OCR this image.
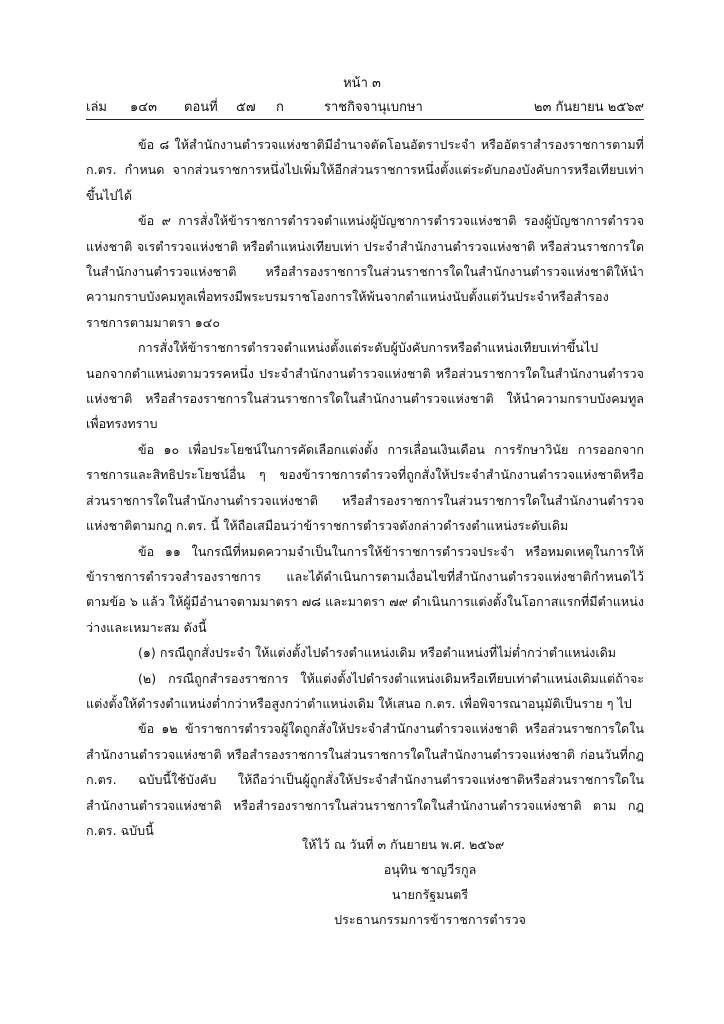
หน้า ๓
เล่ม ๑๔๓ ตอนที่ ๕๗ ก	ราชกิจจานุเบกษา	๒๓ กันยายน ๒๕๖๙

ข้อ ๘ ให้สำนักงานตำรวจแห่งชาติมีอำนาจตัดโอนอัตราประจำ หรืออัตราสำรองราชการตามที่ ก.ตร. กำหนด จากส่วนราชการหนึ่งไปเพิ่มให้อีกส่วนราชการหนึ่งตั้งแต่ระดับกองบังคับการหรือเทียบเท่าขึ้นไปได้

ข้อ ๙ การสั่งให้ข้าราชการตำรวจตำแหน่งผู้บัญชาการตำรวจแห่งชาติ รองผู้บัญชาการตำรวจแห่งชาติ จเรตำรวจแห่งชาติ หรือตำแหน่งเทียบเท่า ประจำสำนักงานตำรวจแห่งชาติ หรือส่วนราชการใดในสำนักงานตำรวจแห่งชาติ หรือสำรองราชการในส่วนราชการใดในสำนักงานตำรวจแห่งชาติให้นำความกราบบังคมทูลเพื่อทรงมีพระบรมราชโองการให้พ้นจากตำแหน่งนับตั้งแต่วันประจำหรือสำรองราชการตามมาตรา ๑๔๐

การสั่งให้ข้าราชการตำรวจตำแหน่งตั้งแต่ระดับผู้บังคับการหรือตำแหน่งเทียบเท่าขึ้นไปนอกจากตำแหน่งตามวรรคหนึ่ง ประจำสำนักงานตำรวจแห่งชาติ หรือส่วนราชการใดในสำนักงานตำรวจแห่งชาติ หรือสำรองราชการในส่วนราชการใดในสำนักงานตำรวจแห่งชาติ ให้นำความกราบบังคมทูลเพื่อทรงทราบ

ข้อ ๑๐ เพื่อประโยชน์ในการคัดเลือกแต่งตั้ง การเลื่อนเงินเดือน การรักษาวินัย การออกจากราชการและสิทธิประโยชน์อื่น ๆ ของข้าราชการตำรวจที่ถูกสั่งให้ประจำสำนักงานตำรวจแห่งชาติหรือส่วนราชการใดในสำนักงานตำรวจแห่งชาติ หรือสำรองราชการในส่วนราชการใดในสำนักงานตำรวจแห่งชาติตามกฎ ก.ตร. นี้ ให้ถือเสมือนว่าข้าราชการตำรวจดังกล่าวดำรงตำแหน่งระดับเดิม

ข้อ ๑๑ ในกรณีที่หมดความจำเป็นในการให้ข้าราชการตำรวจประจำ หรือหมดเหตุในการให้ข้าราชการตำรวจสำรองราชการ และได้ดำเนินการตามเงื่อนไขที่สำนักงานตำรวจแห่งชาติกำหนดไว้ตามข้อ ๖ แล้ว ให้ผู้มีอำนาจตามมาตรา ๗๘ และมาตรา ๗๙ ดำเนินการแต่งตั้งในโอกาสแรกที่มีตำแหน่งว่างและเหมาะสม ดังนี้

(๑) กรณีถูกสั่งประจำ ให้แต่งตั้งไปดำรงตำแหน่งเดิม หรือตำแหน่งที่ไม่ต่ำกว่าตำแหน่งเดิม

(๒) กรณีถูกสำรองราชการ ให้แต่งตั้งไปดำรงตำแหน่งเดิมหรือเทียบเท่าตำแหน่งเดิมแต่ถ้าจะแต่งตั้งให้ดำรงตำแหน่งต่ำกว่าหรือสูงกว่าตำแหน่งเดิม ให้เสนอ ก.ตร. เพื่อพิจารณาอนุมัติเป็นราย ๆ ไป

ข้อ ๑๒ ข้าราชการตำรวจผู้ใดถูกสั่งให้ประจำสำนักงานตำรวจแห่งชาติ หรือส่วนราชการใดในสำนักงานตำรวจแห่งชาติ หรือสำรองราชการในส่วนราชการใดในสำนักงานตำรวจแห่งชาติ ก่อนวันที่กฎ ก.ตร. ฉบับนี้ใช้บังคับ ให้ถือว่าเป็นผู้ถูกสั่งให้ประจำสำนักงานตำรวจแห่งชาติหรือส่วนราชการใดในสำนักงานตำรวจแห่งชาติ หรือสำรองราชการในส่วนราชการใดในสำนักงานตำรวจแห่งชาติ ตาม กฎ ก.ตร. ฉบับนี้

ให้ไว้ ณ วันที่ ๓ กันยายน พ.ศ. ๒๕๖๙
อนุทิน ชาญวีรกูล
นายกรัฐมนตรี
ประธานกรรมการข้าราชการตำรวจ
